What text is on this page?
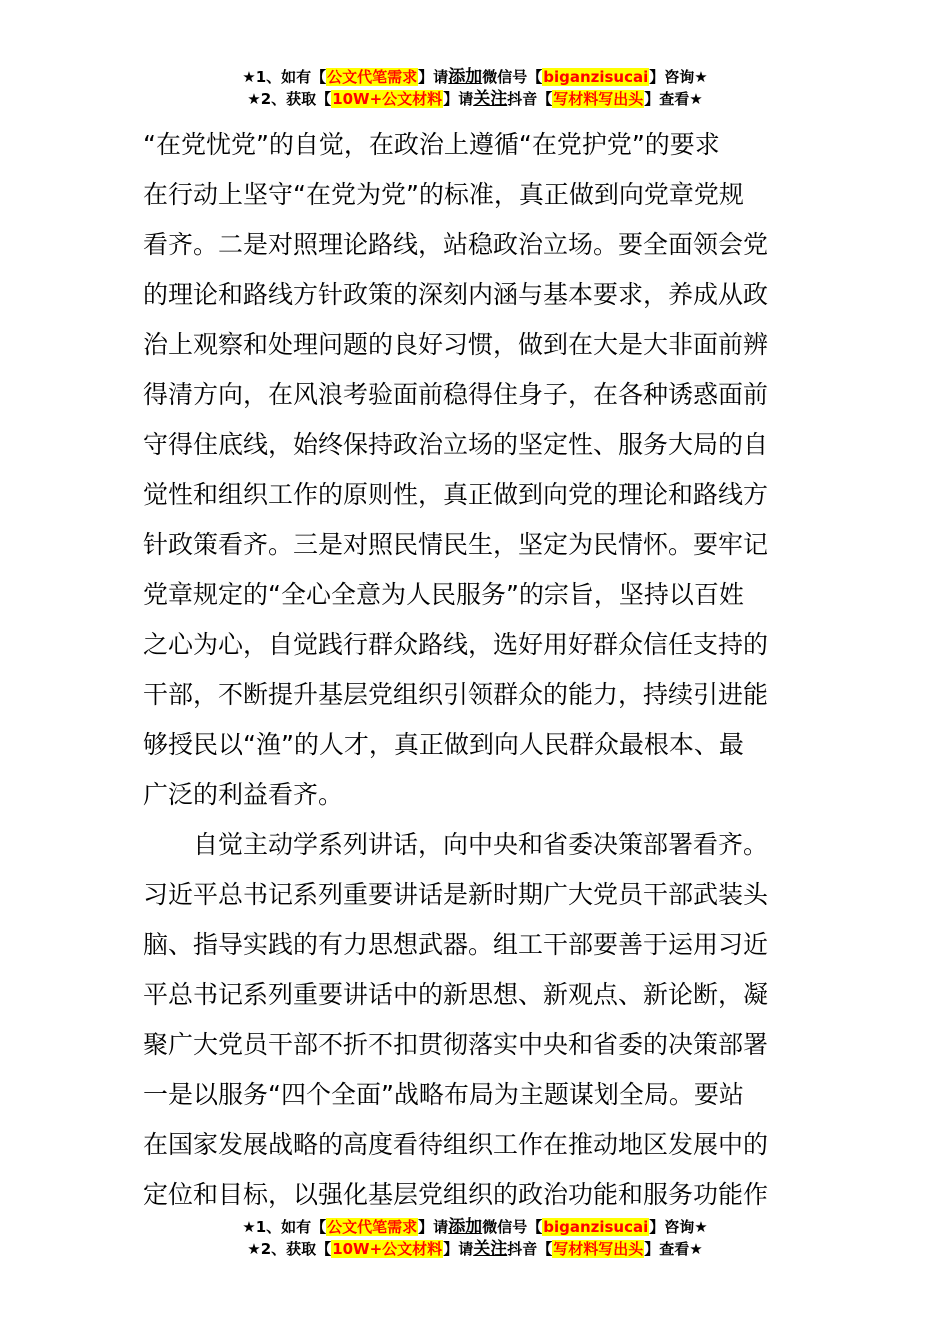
★1、如有【公文代笔需求】请添加微信号【biganzisucai】咨询★
★2、获取【10W+公文材料】请关注抖音【写材料写出头】查看★
“在党忧党”的自觉，在政治上遵循“在党护党”的要求
在行动上坚守“在党为党”的标准，真正做到向党章党规
看齐。二是对照理论路线，站稳政治立场。要全面领会党
的理论和路线方针政策的深刻内涵与基本要求，养成从政
治上观察和处理问题的良好习惯，做到在大是大非面前辨
得清方向，在风浪考验面前稳得住身子，在各种诱惑面前
守得住底线，始终保持政治立场的坚定性、服务大局的自
觉性和组织工作的原则性，真正做到向党的理论和路线方
针政策看齐。三是对照民情民生，坚定为民情怀。要牢记
党章规定的“全心全意为人民服务”的宗旨，坚持以百姓
之心为心，自觉践行群众路线，选好用好群众信任支持的
干部，不断提升基层党组织引领群众的能力，持续引进能
够授民以“渔”的人才，真正做到向人民群众最根本、最
广泛的利益看齐。
　　自觉主动学系列讲话，向中央和省委决策部署看齐。
习近平总书记系列重要讲话是新时期广大党员干部武装头
脑、指导实践的有力思想武器。组工干部要善于运用习近
平总书记系列重要讲话中的新思想、新观点、新论断，凝
聚广大党员干部不折不扣贯彻落实中央和省委的决策部署
一是以服务“四个全面”战略布局为主题谋划全局。要站
在国家发展战略的高度看待组织工作在推动地区发展中的
定位和目标，以强化基层党组织的政治功能和服务功能作
★1、如有【公文代笔需求】请添加微信号【biganzisucai】咨询★
★2、获取【10W+公文材料】请关注抖音【写材料写出头】查看★
